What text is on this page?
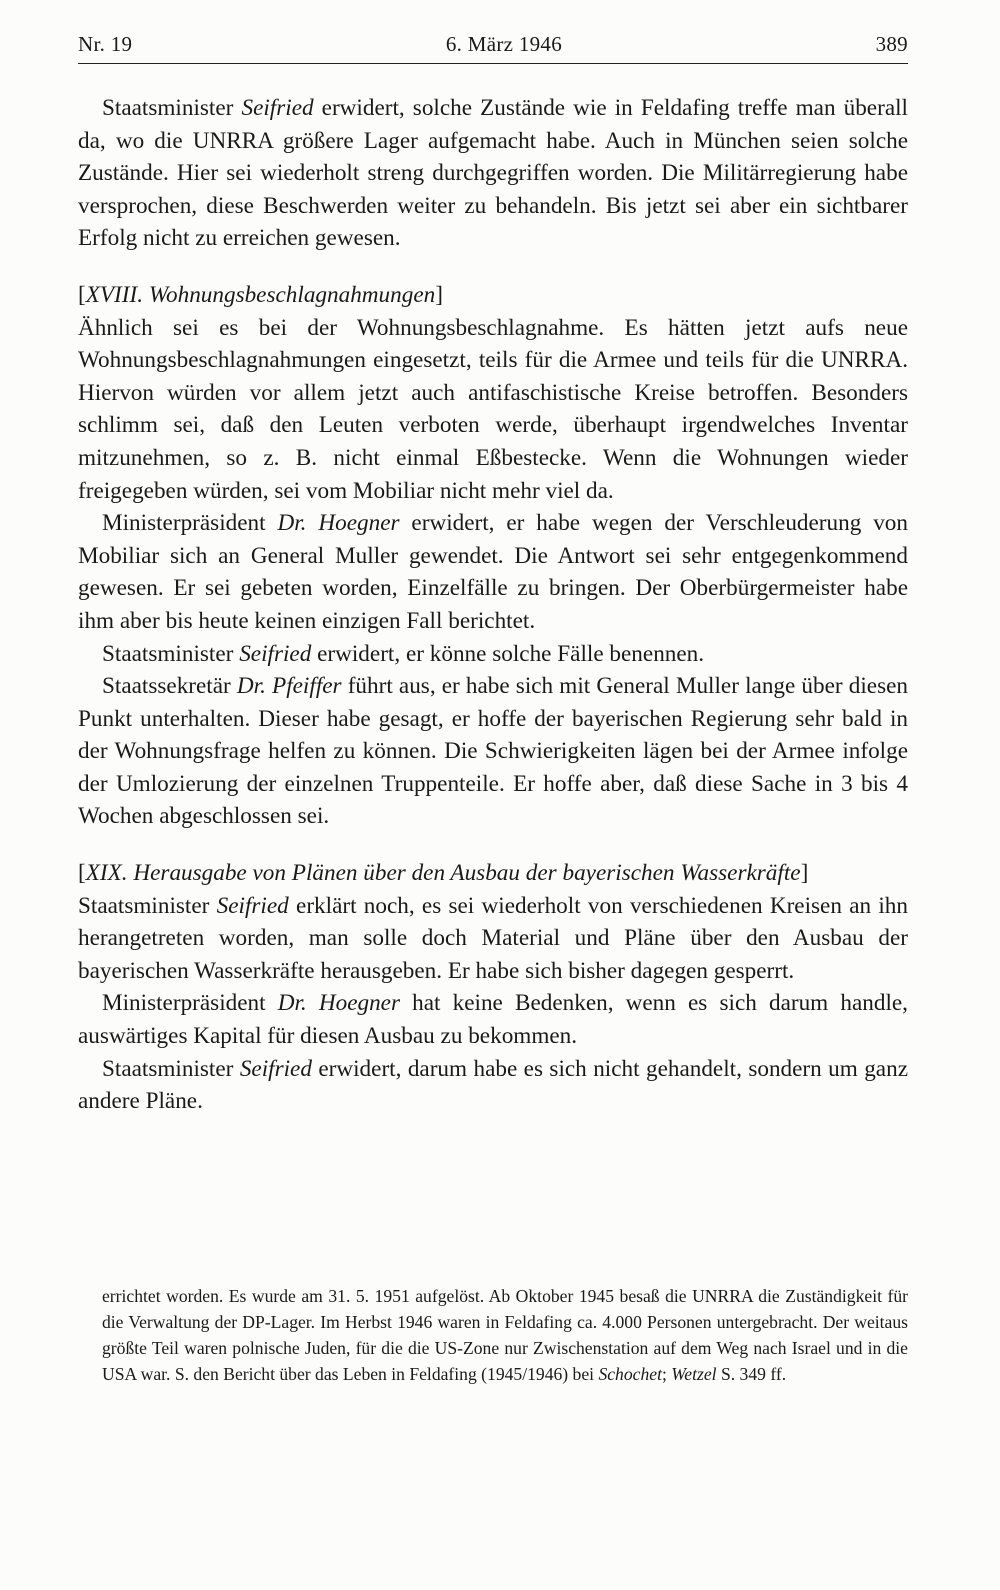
Nr. 19	6. März 1946	389

Staatsminister Seifried erwidert, solche Zustände wie in Feldafing treffe man überall da, wo die UNRRA größere Lager aufgemacht habe. Auch in München seien solche Zustände. Hier sei wiederholt streng durchgegriffen worden. Die Militärregierung habe versprochen, diese Beschwerden weiter zu behandeln. Bis jetzt sei aber ein sichtbarer Erfolg nicht zu erreichen gewesen.

[XVIII. Wohnungsbeschlagnahmungen]

Ähnlich sei es bei der Wohnungsbeschlagnahme. Es hätten jetzt aufs neue Wohnungsbeschlagnahmungen eingesetzt, teils für die Armee und teils für die UNRRA. Hiervon würden vor allem jetzt auch antifaschistische Kreise betroffen. Besonders schlimm sei, daß den Leuten verboten werde, überhaupt irgendwelches Inventar mitzunehmen, so z. B. nicht einmal Eßbestecke. Wenn die Wohnungen wieder freigegeben würden, sei vom Mobiliar nicht mehr viel da.

Ministerpräsident Dr. Hoegner erwidert, er habe wegen der Verschleuderung von Mobiliar sich an General Muller gewendet. Die Antwort sei sehr entgegenkommend gewesen. Er sei gebeten worden, Einzelfälle zu bringen. Der Oberbürgermeister habe ihm aber bis heute keinen einzigen Fall berichtet.

Staatsminister Seifried erwidert, er könne solche Fälle benennen.

Staatssekretär Dr. Pfeiffer führt aus, er habe sich mit General Muller lange über diesen Punkt unterhalten. Dieser habe gesagt, er hoffe der bayerischen Regierung sehr bald in der Wohnungsfrage helfen zu können. Die Schwierigkeiten lägen bei der Armee infolge der Umlozierung der einzelnen Truppenteile. Er hoffe aber, daß diese Sache in 3 bis 4 Wochen abgeschlossen sei.

[XIX. Herausgabe von Plänen über den Ausbau der bayerischen Wasserkräfte]

Staatsminister Seifried erklärt noch, es sei wiederholt von verschiedenen Kreisen an ihn herangetreten worden, man solle doch Material und Pläne über den Ausbau der bayerischen Wasserkräfte herausgeben. Er habe sich bisher dagegen gesperrt.

Ministerpräsident Dr. Hoegner hat keine Bedenken, wenn es sich darum handle, auswärtiges Kapital für diesen Ausbau zu bekommen.

Staatsminister Seifried erwidert, darum habe es sich nicht gehandelt, sondern um ganz andere Pläne.

errichtet worden. Es wurde am 31. 5. 1951 aufgelöst. Ab Oktober 1945 besaß die UNRRA die Zuständigkeit für die Verwaltung der DP-Lager. Im Herbst 1946 waren in Feldafing ca. 4.000 Personen untergebracht. Der weitaus größte Teil waren polnische Juden, für die die US-Zone nur Zwischenstation auf dem Weg nach Israel und in die USA war. S. den Bericht über das Leben in Feldafing (1945/1946) bei Schochet; Wetzel S. 349 ff.
